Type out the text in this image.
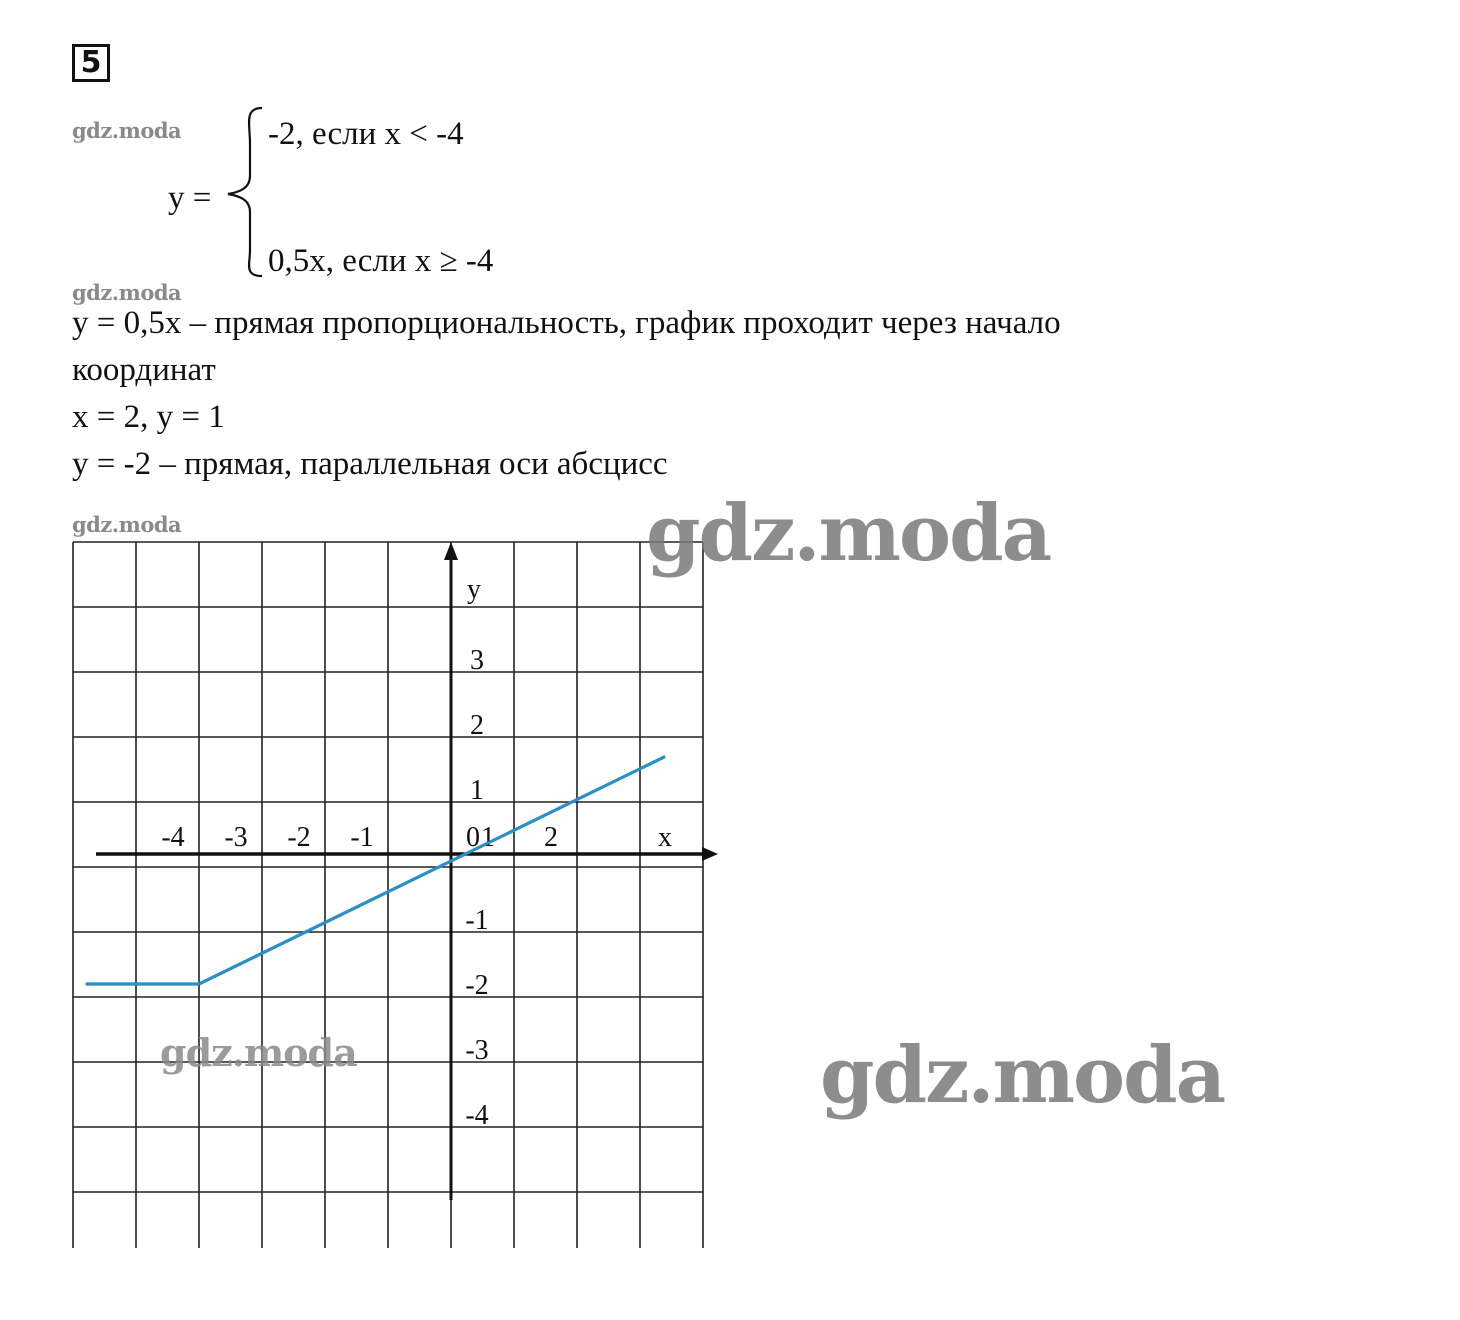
5
gdz.moda
gdz.moda
gdz.moda
y =
-2, если x < -4
0,5x, если x ≥ -4
y = 0,5x – прямая пропорциональность, график проходит через начало
координат
x = 2, y = 1
y = -2 – прямая, параллельная оси абсцисс
-4 -3 -2 -1	0 1 2
3
2
1
-1
-2
-3
-4
x
y
gdz.moda
gdz.moda	gdz.moda
